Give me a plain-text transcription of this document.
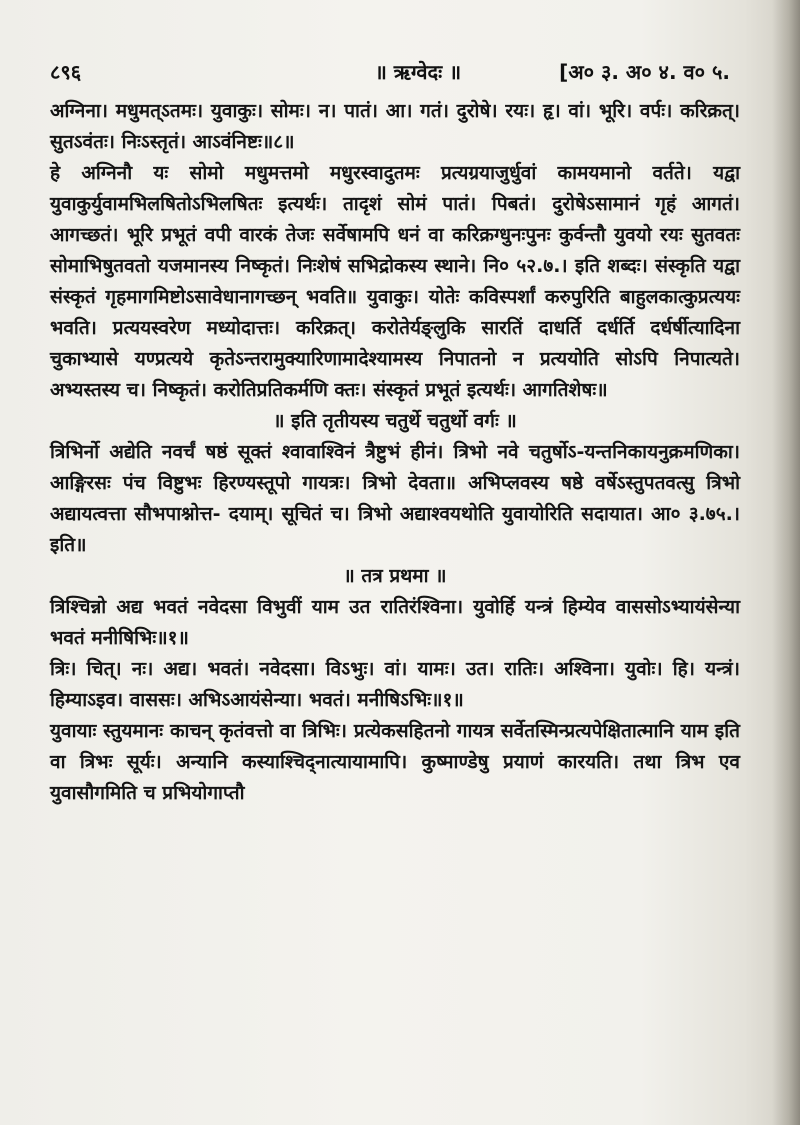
८९६	॥ ऋग्वेदः ॥	[अ० ३. अ० ४. व० ५.

अग्निना। मधुमत्ऽतमः। युवाकुः। सोमः। न। पातं। आ। गतं। दुरोषे। रयः। हृ। वां। भूरि। वर्पः। करिक्रत्। सुतऽवंतः। निःऽस्तृतं। आऽवंनिष्टः॥८॥

हे अग्निनौ यः सोमो मधुमत्तमो मधुरस्वादुतमः प्रत्यग्रयाजुर्धुवां कामयमानो वर्तते। यद्वा युवाकुर्युवामभिलषितोऽभिलषितः इत्यर्थः। तादृशं सोमं पातं। पिबतं। दुरोषेऽसामानं गृहं आगतं। आगच्छतं। भूरि प्रभूतं वपी वारकं तेजः सर्वेषामपि धनं वा करिक्रग्धुनःपुनः कुर्वन्तौ युवयो रयः सुतवतः सोमाभिषुतवतो यजमानस्य निष्कृतं। निःशेषं सभिद्रोकस्य स्थाने। नि० ५२.७.। इति शब्दः। संस्कृति यद्वा संस्कृतं गृहमागमिष्टोऽसावेधानागच्छन् भवति॥ युवाकुः। योतेः कविस्पर्शां करुपुरिति बाहुलकात्कुप्रत्ययः भवति। प्रत्ययस्वरेण मध्योदात्तः। करिक्रत्। करोतेर्यङ्लुकि सारतिं दाधर्ति दर्धर्ति दर्धर्षीत्यादिना चुकाभ्यासे यण्प्रत्यये कृतेऽन्तरामुक्यारिणामादेश्यामस्य निपातनो न प्रत्ययोति सोऽपि निपात्यते। अभ्यस्तस्य च। निष्कृतं। करोतिप्रतिकर्मणि क्तः। संस्कृतं प्रभूतं इत्यर्थः। आगतिशेषः॥

॥ इति तृतीयस्य चतुर्थे चतुर्थो वर्गः ॥

त्रिभिर्नो अद्येति नवर्चं षष्ठं सूक्तं श्वावाश्विनं त्रैष्टुभं हीनं। त्रिभो नवे चतुर्षोऽ-यन्तनिकायनुक्रमणिका। आङ्गिरसः पंच विष्टुभः हिरण्यस्तूपो गायत्रः। त्रिभो देवता॥ अभिप्लवस्य षष्ठे वर्षेऽस्तुपतवत्सु त्रिभो अद्यायत्वत्ता सौभपाश्नोत्त- दयाम्। सूचितं च। त्रिभो अद्याश्वयथोति युवायोरिति सदायात। आ० ३.७५.। इति॥

॥ तत्र प्रथमा ॥

त्रिश्चिन्नो अद्य भवतं नवेदसा विभुवीं याम उत रातिरंश्विना। युवोर्हि यन्त्रं हिम्येव वाससोऽभ्यायंसेन्या भवतं मनीषिभिः॥१॥

त्रिः। चित्। नः। अद्य। भवतं। नवेदसा। विऽभुः। वां। यामः। उत। रातिः। अश्विना। युवोः। हि। यन्त्रं। हिम्याऽइव। वाससः। अभिऽआयंसेन्या। भवतं। मनीषिऽभिः॥१॥

युवायाः स्तुयमानः काचन् कृतंवत्तो वा त्रिभिः। प्रत्येकसहितनो गायत्र सर्वेतस्मिन्प्रत्यपेक्षितात्मानि याम इति वा त्रिभः सूर्यः। अन्यानि कस्याश्चिद्नात्यायामापि। कुष्माण्डेषु प्रयाणं कारयति। तथा त्रिभ एव युवासौगमिति च प्रभियोगाप्तौ
